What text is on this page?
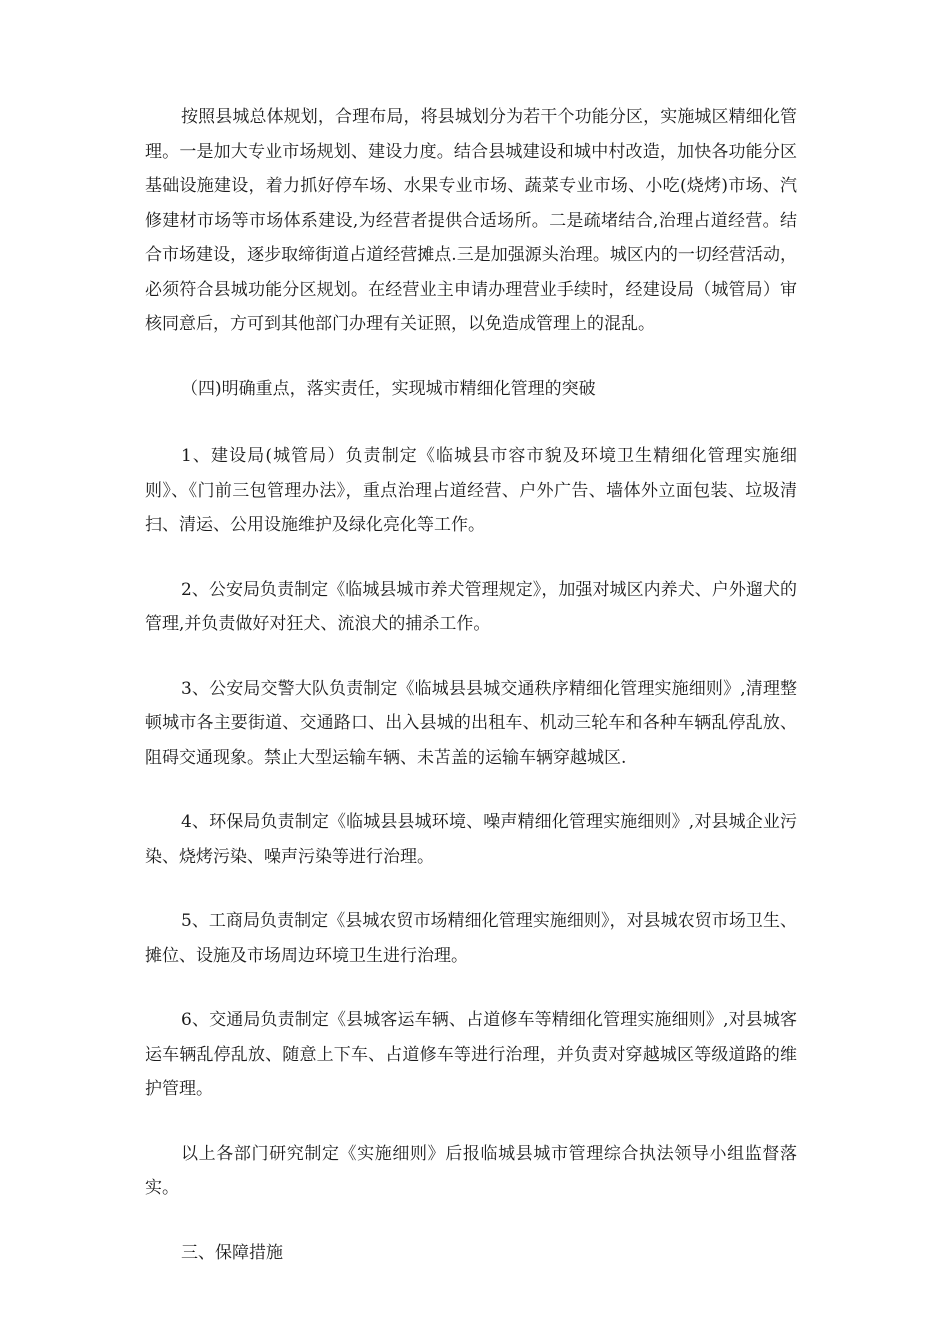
按照县城总体规划，合理布局，将县城划分为若干个功能分区，实施城区精细化管理。一是加大专业市场规划、建设力度。结合县城建设和城中村改造，加快各功能分区基础设施建设，着力抓好停车场、水果专业市场、蔬菜专业市场、小吃(烧烤)市场、汽修建材市场等市场体系建设,为经营者提供合适场所。二是疏堵结合,治理占道经营。结合市场建设，逐步取缔街道占道经营摊点.三是加强源头治理。城区内的一切经营活动，必须符合县城功能分区规划。在经营业主申请办理营业手续时，经建设局（城管局）审核同意后，方可到其他部门办理有关证照，以免造成管理上的混乱。

（四)明确重点，落实责任，实现城市精细化管理的突破

1、建设局(城管局）负责制定《临城县市容市貌及环境卫生精细化管理实施细则》、《门前三包管理办法》，重点治理占道经营、户外广告、墙体外立面包装、垃圾清扫、清运、公用设施维护及绿化亮化等工作。

2、公安局负责制定《临城县城市养犬管理规定》，加强对城区内养犬、户外遛犬的管理,并负责做好对狂犬、流浪犬的捕杀工作。

3、公安局交警大队负责制定《临城县县城交通秩序精细化管理实施细则》,清理整顿城市各主要街道、交通路口、出入县城的出租车、机动三轮车和各种车辆乱停乱放、阻碍交通现象。禁止大型运输车辆、未苫盖的运输车辆穿越城区.

4、环保局负责制定《临城县县城环境、噪声精细化管理实施细则》,对县城企业污染、烧烤污染、噪声污染等进行治理。

5、工商局负责制定《县城农贸市场精细化管理实施细则》，对县城农贸市场卫生、摊位、设施及市场周边环境卫生进行治理。

6、交通局负责制定《县城客运车辆、占道修车等精细化管理实施细则》,对县城客运车辆乱停乱放、随意上下车、占道修车等进行治理，并负责对穿越城区等级道路的维护管理。

以上各部门研究制定《实施细则》后报临城县城市管理综合执法领导小组监督落实。

三、保障措施
